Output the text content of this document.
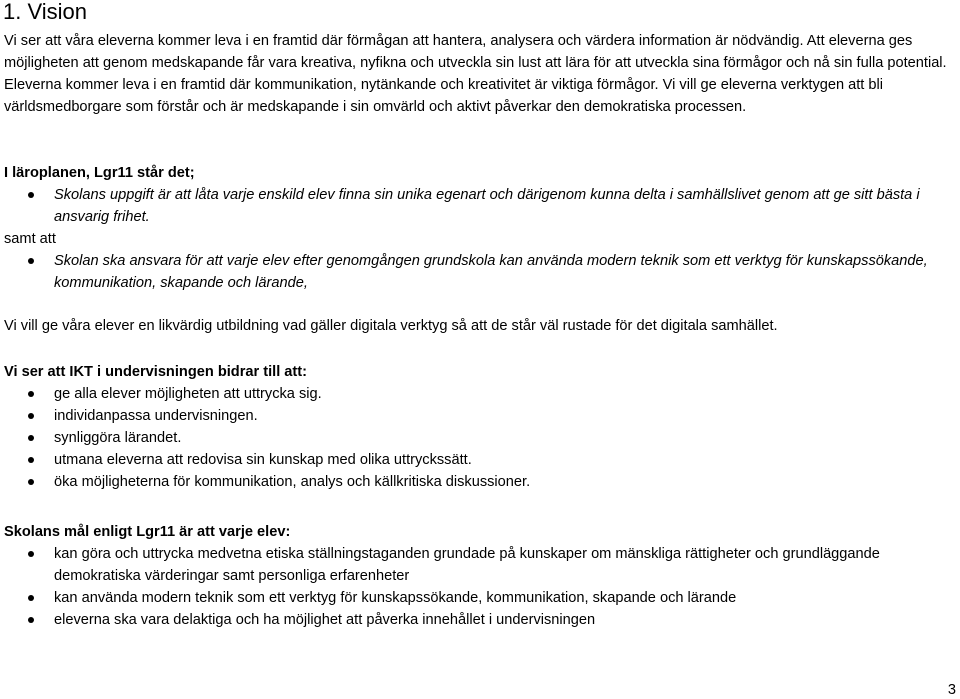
1. Vision

Vi ser att våra eleverna kommer leva i en framtid där förmågan att hantera, analysera och värdera information är nödvändig. Att eleverna ges möjligheten att genom medskapande får vara kreativa, nyfikna och utveckla sin lust att lära för att utveckla sina förmågor och nå sin fulla potential. Eleverna kommer leva i en framtid där kommunikation, nytänkande och kreativitet är viktiga förmågor. Vi vill ge eleverna verktygen att bli världsmedborgare som förstår och är medskapande i sin omvärld och aktivt påverkar den demokratiska processen.

I läroplanen, Lgr11 står det;

Skolans uppgift är att låta varje enskild elev finna sin unika egenart och därigenom kunna delta i samhällslivet genom att ge sitt bästa i ansvarig frihet.

samt att

Skolan ska ansvara för att varje elev efter genomgången grundskola kan använda modern teknik som ett verktyg för kunskapssökande, kommunikation, skapande och lärande,

Vi vill ge våra elever en likvärdig utbildning vad gäller digitala verktyg så att de står väl rustade för det digitala samhället.

Vi ser att IKT i undervisningen bidrar till att:

ge alla elever möjligheten att uttrycka sig.
individanpassa undervisningen.
synliggöra lärandet.
utmana eleverna att redovisa sin kunskap med olika uttryckssätt.
öka möjligheterna för kommunikation, analys och källkritiska diskussioner.

Skolans mål enligt Lgr11 är att varje elev:

kan göra och uttrycka medvetna etiska ställningstaganden grundade på kunskaper om mänskliga rättigheter och grundläggande demokratiska värderingar samt personliga erfarenheter
kan använda modern teknik som ett verktyg för kunskapssökande, kommunikation, skapande och lärande
eleverna ska vara delaktiga och ha möjlighet att påverka innehållet i undervisningen
3
